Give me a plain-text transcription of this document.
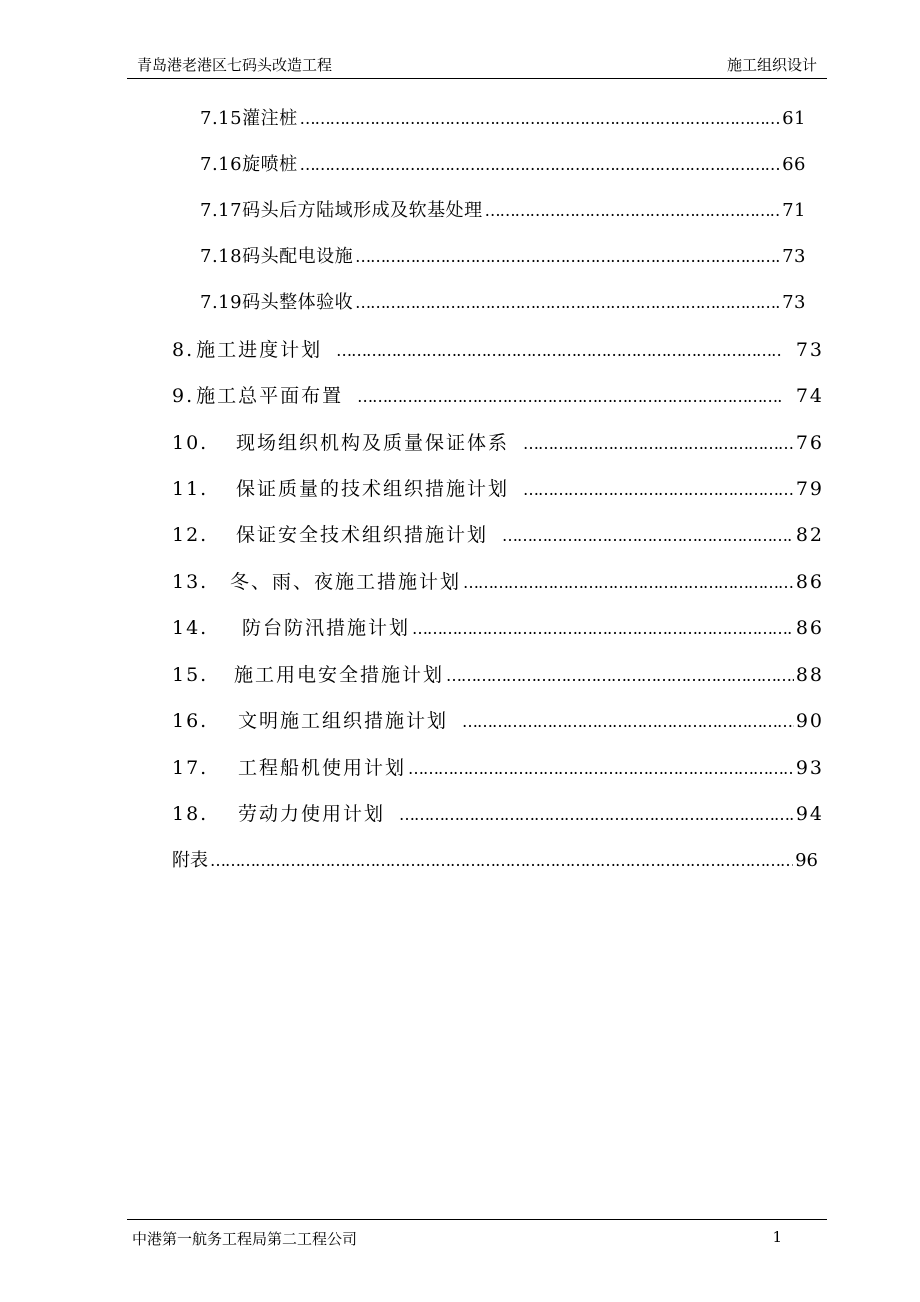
青岛港老港区七码头改造工程	施工组织设计
7.15 灌注桩 ……………………………………………………………………………………………………………………………………………………	61
7.16 旋喷桩 ……………………………………………………………………………………………………………………………………………………	66
7.17 码头后方陆域形成及软基处理 ……………………………………………………………………………………………………………………………………………………	71
7.18 码头配电设施 ……………………………………………………………………………………………………………………………………………………	73
7.19 码头整体验收 ……………………………………………………………………………………………………………………………………………………	73
8. 施工进度计划 ……………………………………………………………………………………………………………………………………………………	73
9. 施工总平面布置 ……………………………………………………………………………………………………………………………………………………	74
10.	现场组织机构及质量保证体系 ……………………………………………………………………………………………………………………………………………………	76
11.	保证质量的技术组织措施计划 ……………………………………………………………………………………………………………………………………………………	79
12.	保证安全技术组织措施计划 ……………………………………………………………………………………………………………………………………………………	82
13.	冬、雨、夜施工措施计划 ……………………………………………………………………………………………………………………………………………………	86
14.	防台防汛措施计划 ……………………………………………………………………………………………………………………………………………………	86
15.	施工用电安全措施计划 ……………………………………………………………………………………………………………………………………………………	88
16.	文明施工组织措施计划 ……………………………………………………………………………………………………………………………………………………	90
17.	工程船机使用计划 ……………………………………………………………………………………………………………………………………………………	93
18.	劳动力使用计划 ……………………………………………………………………………………………………………………………………………………	94
附表 ……………………………………………………………………………………………………………………………………………………	96
中港第一航务工程局第二工程公司	1
